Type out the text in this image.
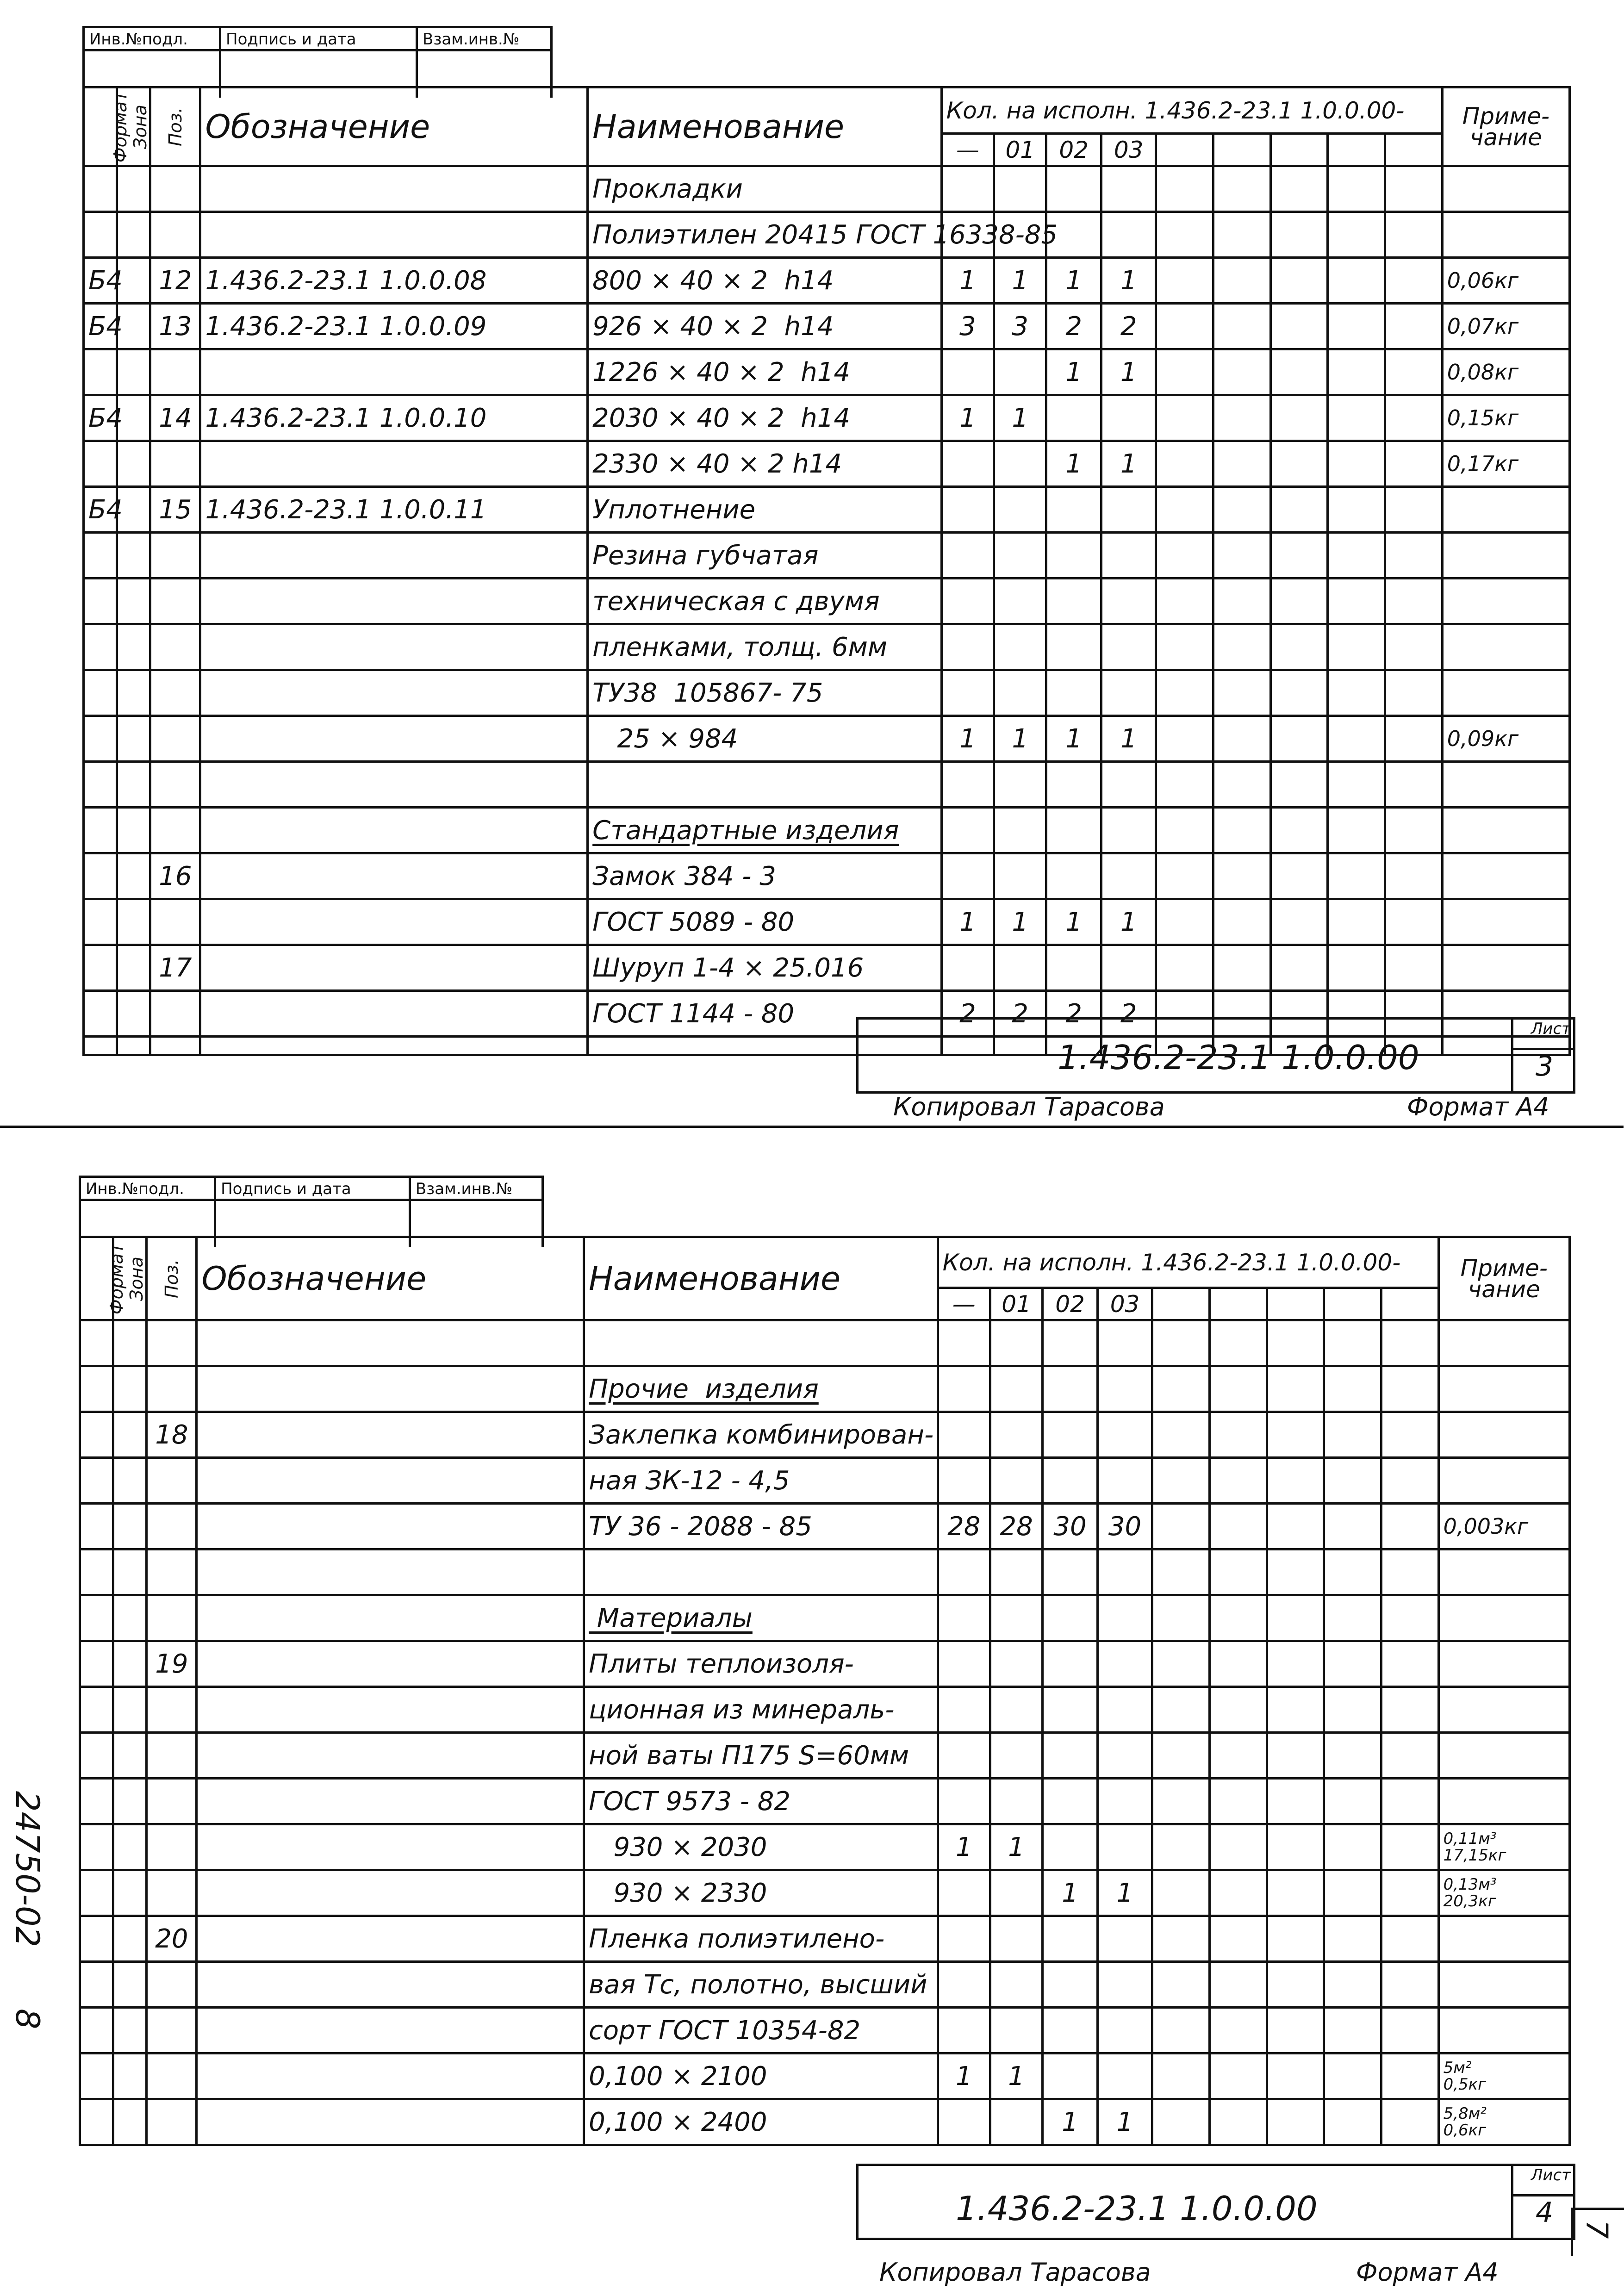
Инв.№подл.	Подпись и дата	Взам.инв.№
Формат	Зона	Поз.	Обозначение	Наименование	Кол. на исполн. 1.436.2-23.1 1.0.0.00-									Приме-
чание
					—	01	02	03						
				Прокладки										
				Полиэтилен 20415 ГОСТ 16338-85										
Б4		12	1.436.2-23.1 1.0.0.08	800 × 40 × 2  h14	1	1	1	1						0,06кг
Б4		13	1.436.2-23.1 1.0.0.09	926 × 40 × 2  h14	3	3	2	2						0,07кг
				1226 × 40 × 2  h14			1	1						0,08кг
Б4		14	1.436.2-23.1 1.0.0.10	2030 × 40 × 2  h14	1	1								0,15кг
				2330 × 40 × 2 h14			1	1						0,17кг
Б4		15	1.436.2-23.1 1.0.0.11	Уплотнение										
				Резина губчатая										
				техническая с двумя										
				пленками, толщ. 6мм										
				ТУ38  105867- 75										
				25 × 984	1	1	1	1						0,09кг

				Стандартные изделия										
		16		Замок 384 - 3										
				ГОСТ 5089 - 80	1	1	1	1						
		17		Шуруп 1-4 × 25.016										
				ГОСТ 1144 - 80	2	2	2	2						

1.436.2-23.1 1.0.0.00
Лист
3
Копировал Тарасова	Формат А4
Инв.№подл.	Подпись и дата	Взам.инв.№
Формат	Зона	Поз.	Обозначение	Наименование	Кол. на исполн. 1.436.2-23.1 1.0.0.00-									Приме-
чание
					—	01	02	03						

				Прочие  изделия										
		18		Заклепка комбинирован-										
				ная ЗК-12 - 4,5										
				ТУ 36 - 2088 - 85	28	28	30	30						0,003кг

				Материалы										
		19		Плиты теплоизоля-										
				ционная из минераль-										
				ной ваты П175 S=60мм										
				ГОСТ 9573 - 82										
				930 × 2030	1	1								0,11м³
17,15кг
				930 × 2330			1	1						0,13м³
20,3кг
		20		Пленка полиэтилено-										
				вая Тс, полотно, высший										
				сорт ГОСТ 10354-82										
				0,100 × 2100	1	1								5м²
0,5кг
				0,100 × 2400			1	1						5,8м²
0,6кг
1.436.2-23.1 1.0.0.00
Лист
4
7
Копировал Тарасова	Формат А4
24750-02
8
